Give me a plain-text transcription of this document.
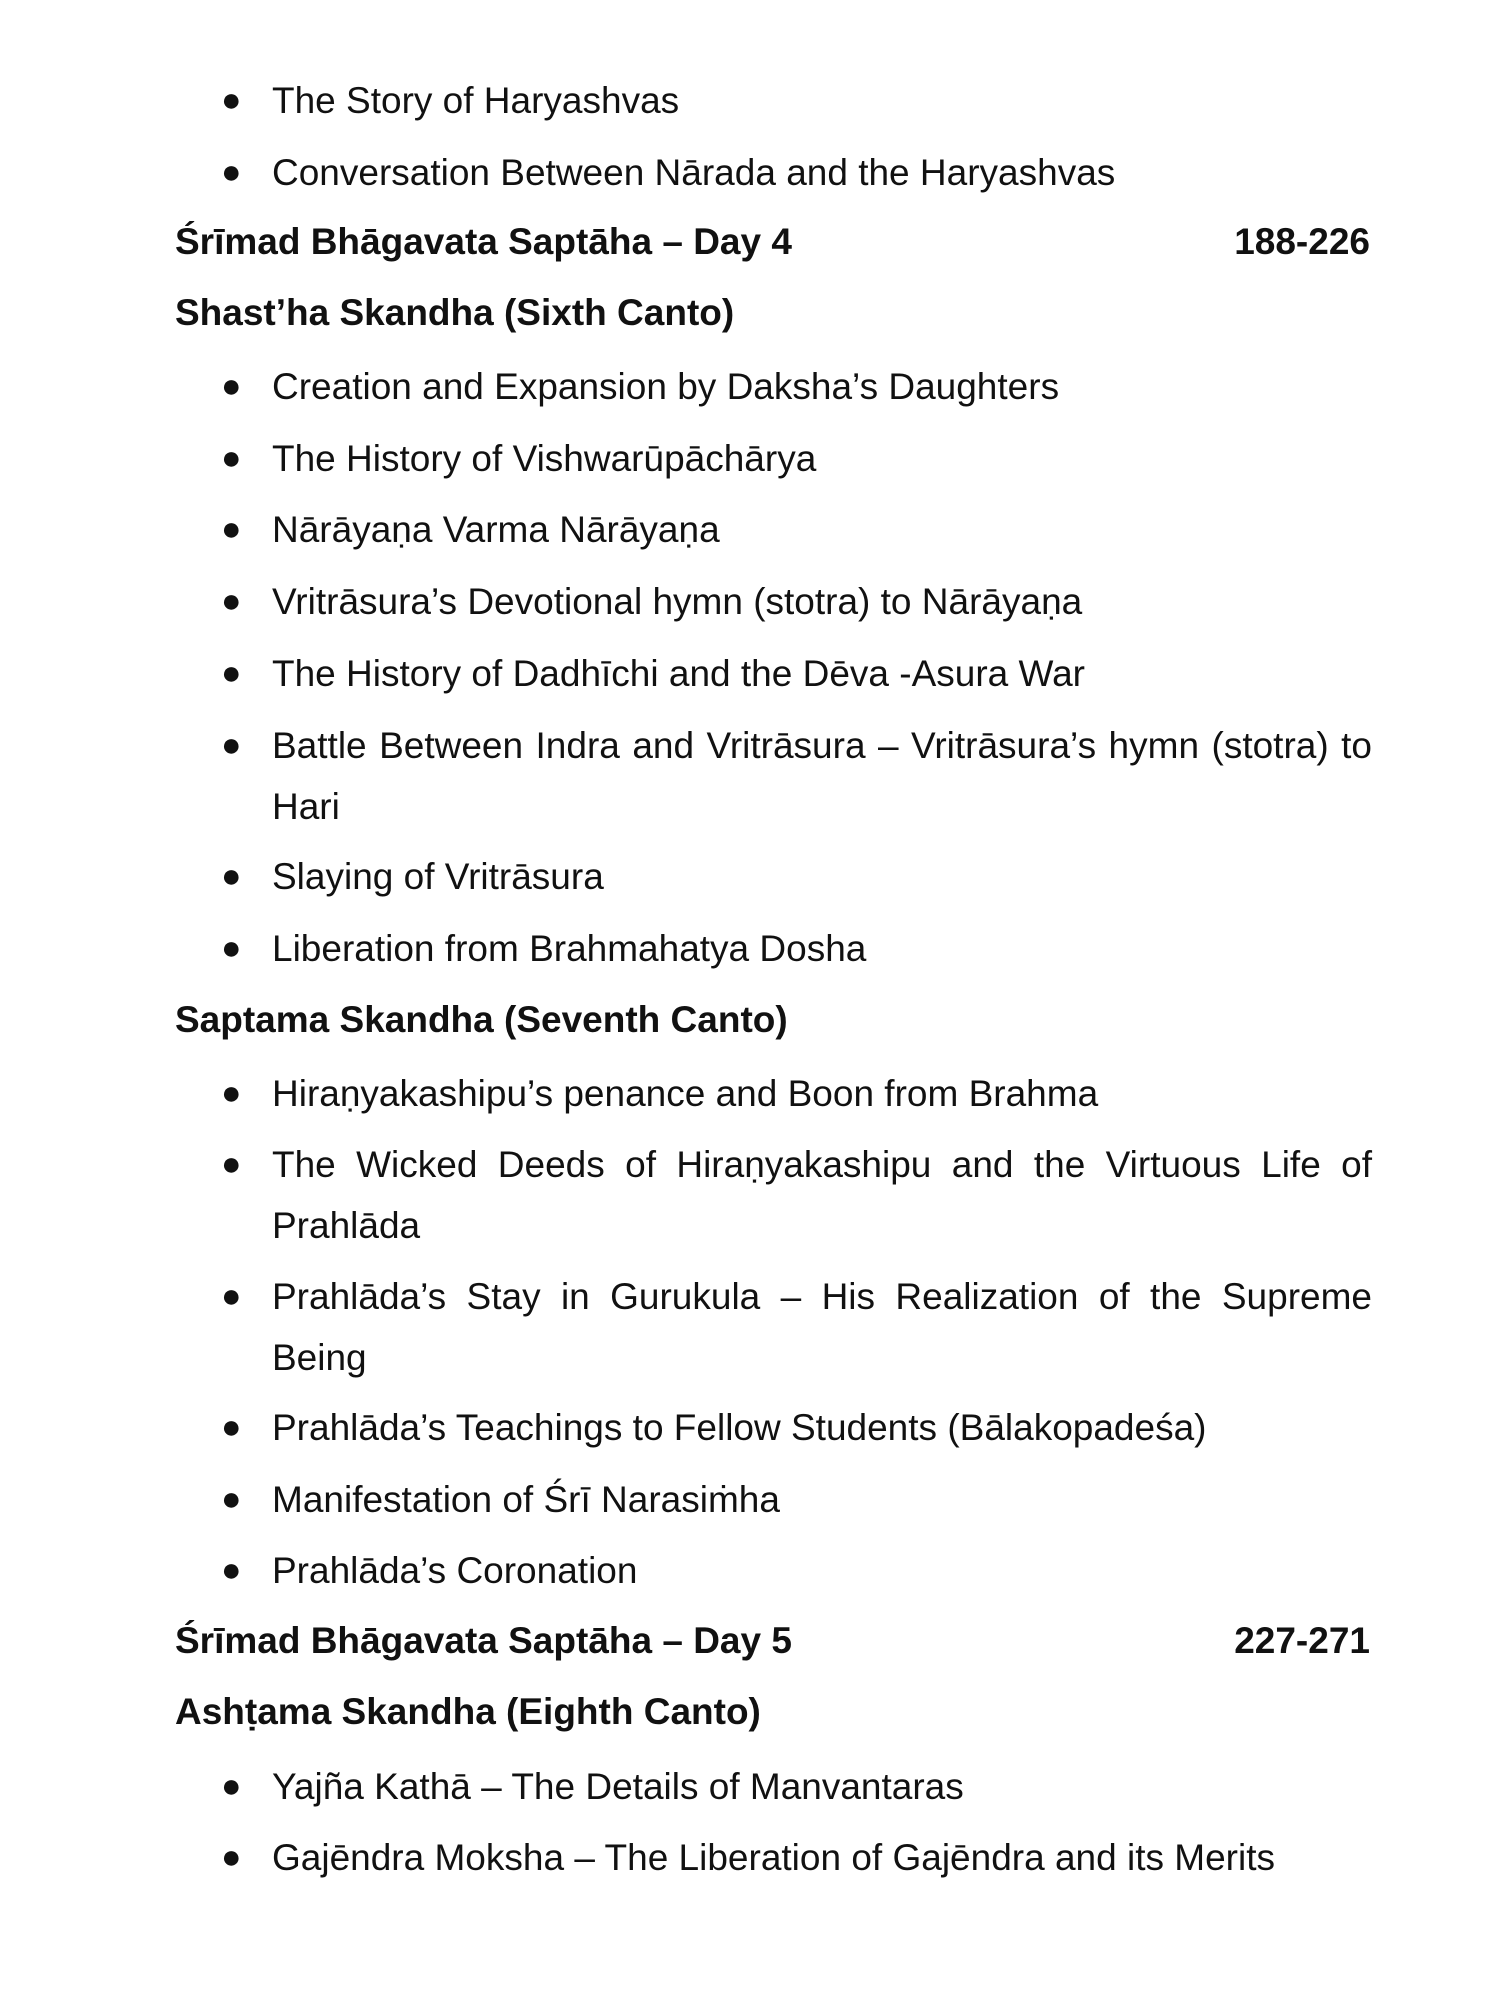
● The Story of Haryashvas
● Conversation Between Nārada and the Haryashvas
Śrīmad Bhāgavata Saptāha – Day 4	188-226
Shast’ha Skandha (Sixth Canto)
● Creation and Expansion by Daksha’s Daughters
● The History of Vishwarūpāchārya
● Nārāyaṇa Varma Nārāyaṇa
● Vritrāsura’s Devotional hymn (stotra) to Nārāyaṇa
● The History of Dadhīchi and the Dēva -Asura War
● Battle Between Indra and Vritrāsura – Vritrāsura’s hymn (stotra) to Hari
● Slaying of Vritrāsura
● Liberation from Brahmahatya Dosha
Saptama Skandha (Seventh Canto)
● Hiraṇyakashipu’s penance and Boon from Brahma
● The Wicked Deeds of Hiraṇyakashipu and the Virtuous Life of Prahlāda
● Prahlāda’s Stay in Gurukula – His Realization of the Supreme Being
● Prahlāda’s Teachings to Fellow Students (Bālakopadeśa)
● Manifestation of Śrī Narasiṁha
● Prahlāda’s Coronation
Śrīmad Bhāgavata Saptāha – Day 5	227-271
Ashṭama Skandha (Eighth Canto)
● Yajña Kathā – The Details of Manvantaras
● Gajēndra Moksha – The Liberation of Gajēndra and its Merits
